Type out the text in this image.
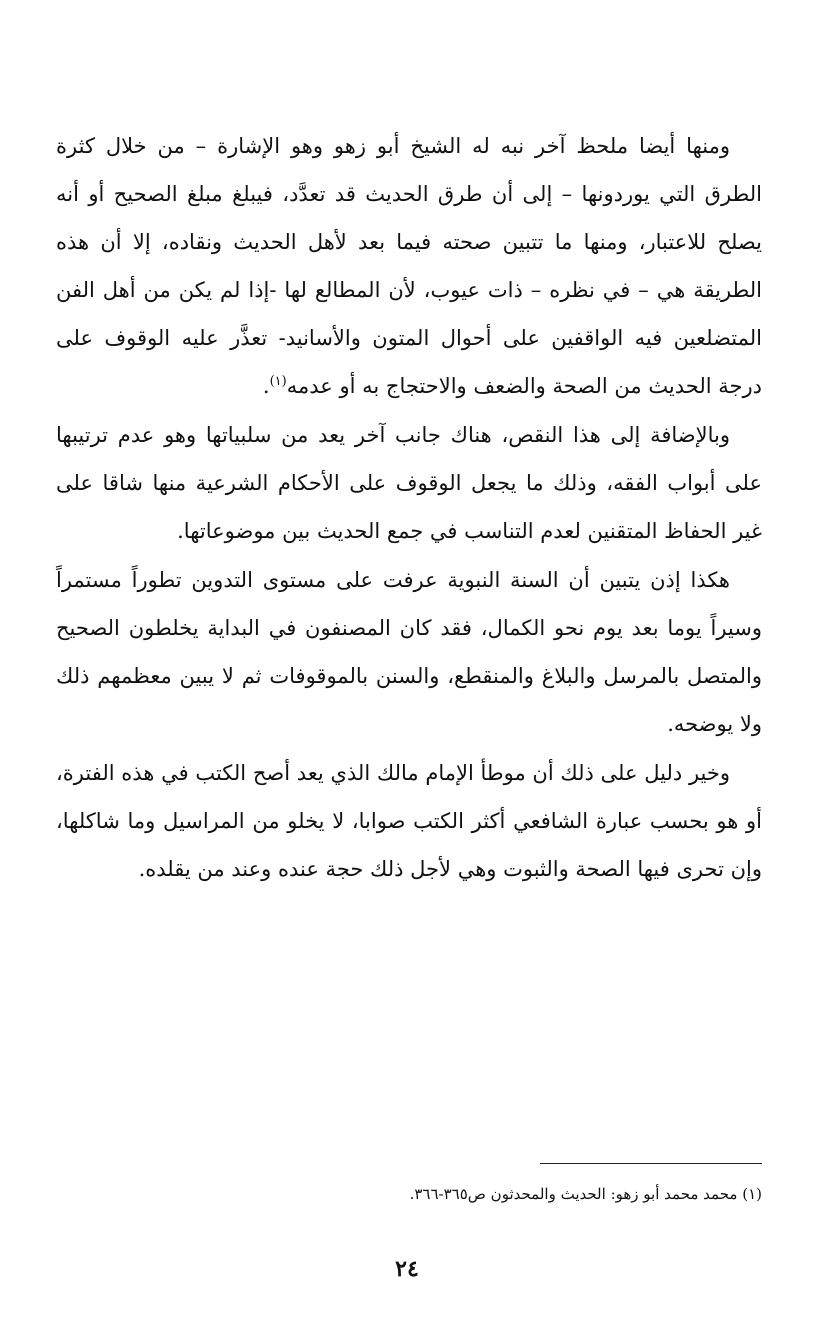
ومنها أيضا ملحظ آخر نبه له الشيخ أبو زهو وهو الإشارة – من خلال كثرة الطرق التي يوردونها – إلى أن طرق الحديث قد تعدَّد، فيبلغ مبلغ الصحيح أو أنه يصلح للاعتبار، ومنها ما تتبين صحته فيما بعد لأهل الحديث ونقاده، إلا أن هذه الطريقة هي – في نظره – ذات عيوب، لأن المطالع لها -إذا لم يكن من أهل الفن المتضلعين فيه الواقفين على أحوال المتون والأسانيد- تعذَّر عليه الوقوف على درجة الحديث من الصحة والضعف والاحتجاج به أو عدمه$^{(١)}$.

وبالإضافة إلى هذا النقص، هناك جانب آخر يعد من سلبياتها وهو عدم ترتيبها على أبواب الفقه، وذلك ما يجعل الوقوف على الأحكام الشرعية منها شاقا على غير الحفاظ المتقنين لعدم التناسب في جمع الحديث بين موضوعاتها.

هكذا إذن يتبين أن السنة النبوية عرفت على مستوى التدوين تطوراً مستمراً وسيراً يوما بعد يوم نحو الكمال، فقد كان المصنفون في البداية يخلطون الصحيح والمتصل بالمرسل والبلاغ والمنقطع، والسنن بالموقوفات ثم لا يبين معظمهم ذلك ولا يوضحه.

وخير دليل على ذلك أن موطأ الإمام مالك الذي يعد أصح الكتب في هذه الفترة، أو هو بحسب عبارة الشافعي أكثر الكتب صوابا، لا يخلو من المراسيل وما شاكلها، وإن تحرى فيها الصحة والثبوت وهي لأجل ذلك حجة عنده وعند من يقلده.

(١) محمد محمد أبو زهو: الحديث والمحدثون ص٣٦٥-٣٦٦.
٢٤
